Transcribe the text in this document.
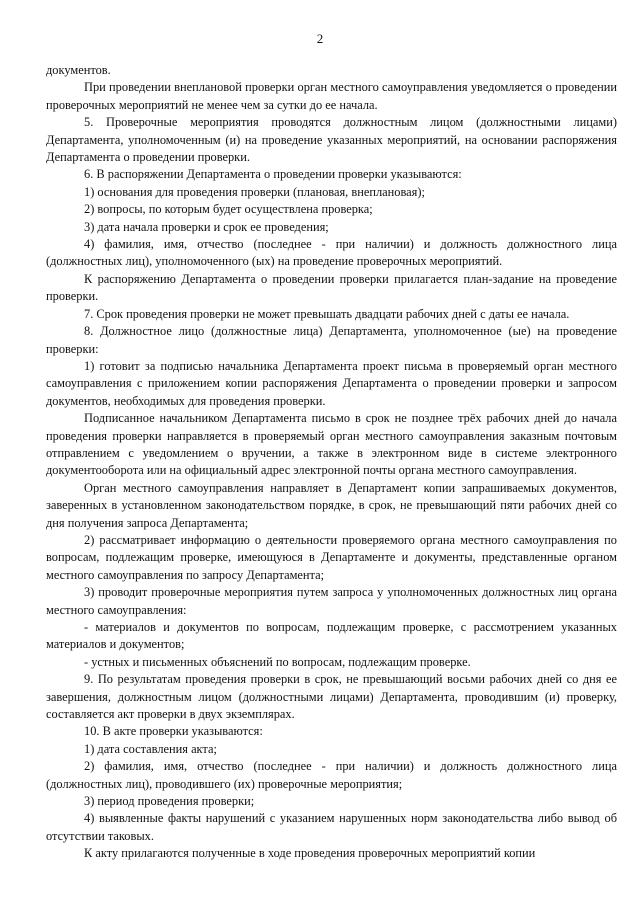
2

документов.

При проведении внеплановой проверки орган местного самоуправления уведомляется о проведении проверочных мероприятий не менее чем за сутки до ее начала.

5. Проверочные мероприятия проводятся должностным лицом (должностными лицами) Департамента, уполномоченным (и) на проведение указанных мероприятий, на основании распоряжения Департамента о проведении проверки.

6. В распоряжении Департамента о проведении проверки указываются:

1) основания для проведения проверки (плановая, внеплановая);

2) вопросы, по которым будет осуществлена проверка;

3) дата начала проверки и срок ее проведения;

4) фамилия, имя, отчество (последнее - при наличии) и должность должностного лица (должностных лиц), уполномоченного (ых) на проведение проверочных мероприятий.

К распоряжению Департамента о проведении проверки прилагается план-задание на проведение проверки.

7. Срок проведения проверки не может превышать двадцати рабочих дней с даты ее начала.

8. Должностное лицо (должностные лица) Департамента, уполномоченное (ые) на проведение проверки:

1) готовит за подписью начальника Департамента проект письма в проверяемый орган местного самоуправления с приложением копии распоряжения Департамента о проведении проверки и запросом документов, необходимых для проведения проверки.

Подписанное начальником Департамента письмо в срок не позднее трёх рабочих дней до начала проведения проверки направляется в проверяемый орган местного самоуправления заказным почтовым отправлением с уведомлением о вручении, а также в электронном виде в системе электронного документооборота или на официальный адрес электронной почты органа местного самоуправления.

Орган местного самоуправления направляет в Департамент копии запрашиваемых документов, заверенных в установленном законодательством порядке, в срок, не превышающий пяти рабочих дней со дня получения запроса Департамента;

2) рассматривает информацию о деятельности проверяемого органа местного самоуправления по вопросам, подлежащим проверке, имеющуюся в Департаменте и документы, представленные органом местного самоуправления по запросу Департамента;

3) проводит проверочные мероприятия путем запроса у уполномоченных должностных лиц органа местного самоуправления:

- материалов и документов по вопросам, подлежащим проверке, с рассмотрением указанных материалов и документов;

- устных и письменных объяснений по вопросам, подлежащим проверке.

9. По результатам проведения проверки в срок, не превышающий восьми рабочих дней со дня ее завершения, должностным лицом (должностными лицами) Департамента, проводившим (и) проверку, составляется акт проверки в двух экземплярах.

10. В акте проверки указываются:

1) дата составления акта;

2) фамилия, имя, отчество (последнее - при наличии) и должность должностного лица (должностных лиц), проводившего (их) проверочные мероприятия;

3) период проведения проверки;

4) выявленные факты нарушений с указанием нарушенных норм законодательства либо вывод об отсутствии таковых.

К акту прилагаются полученные в ходе проведения проверочных мероприятий копии
